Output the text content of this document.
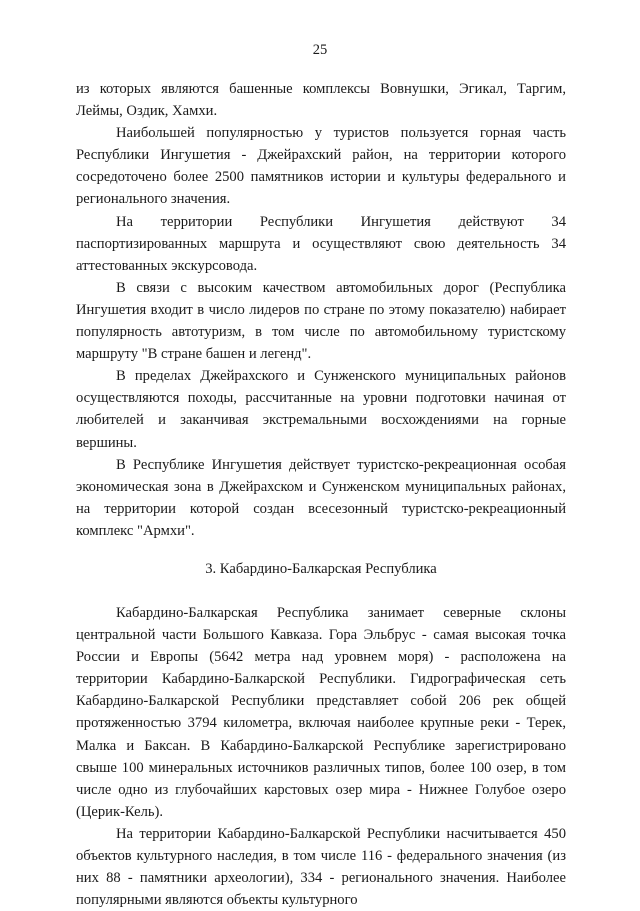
25

из которых являются башенные комплексы Вовнушки, Эгикал, Таргим, Леймы, Оздик, Хамхи.

Наибольшей популярностью у туристов пользуется горная часть Республики Ингушетия - Джейрахский район, на территории которого сосредоточено более 2500 памятников истории и культуры федерального и регионального значения.

На территории Республики Ингушетия действуют 34 паспортизированных маршрута и осуществляют свою деятельность 34 аттестованных экскурсовода.

В связи с высоким качеством автомобильных дорог (Республика Ингушетия входит в число лидеров по стране по этому показателю) набирает популярность автотуризм, в том числе по автомобильному туристскому маршруту "В стране башен и легенд".

В пределах Джейрахского и Сунженского муниципальных районов осуществляются походы, рассчитанные на уровни подготовки начиная от любителей и заканчивая экстремальными восхождениями на горные вершины.

В Республике Ингушетия действует туристско-рекреационная особая экономическая зона в Джейрахском и Сунженском муниципальных районах, на территории которой создан всесезонный туристско-рекреационный комплекс "Армхи".

3. Кабардино-Балкарская Республика

Кабардино-Балкарская Республика занимает северные склоны центральной части Большого Кавказа. Гора Эльбрус - самая высокая точка России и Европы (5642 метра над уровнем моря) - расположена на территории Кабардино-Балкарской Республики. Гидрографическая сеть Кабардино-Балкарской Республики представляет собой 206 рек общей протяженностью 3794 километра, включая наиболее крупные реки - Терек, Малка и Баксан. В Кабардино-Балкарской Республике зарегистрировано свыше 100 минеральных источников различных типов, более 100 озер, в том числе одно из глубочайших карстовых озер мира - Нижнее Голубое озеро (Церик-Кель).

На территории Кабардино-Балкарской Республики насчитывается 450 объектов культурного наследия, в том числе 116 - федерального значения (из них 88 - памятники археологии), 334 - регионального значения. Наиболее популярными являются объекты культурного
